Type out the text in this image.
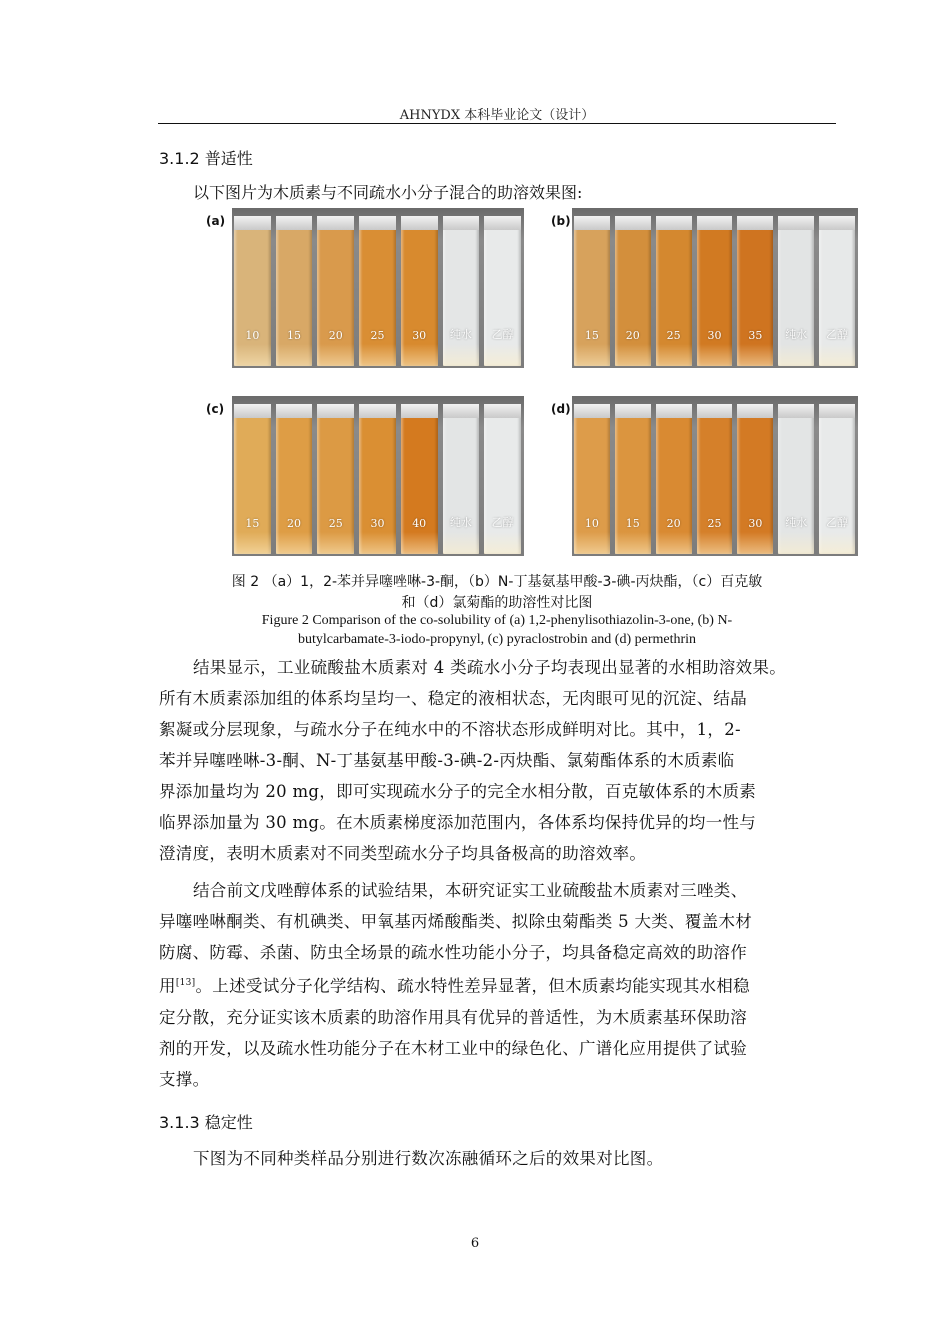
AHNYDX 本科毕业论文（设计）
3.1.2 普适性
以下图片为木质素与不同疏水小分子混合的助溶效果图:
(a)
10	15	20	25	30	纯水	乙醇
(b)
15	20	25	30	35	纯水	乙醇
(c)
15	20	25	30	40	纯水	乙醇
(d)
10	15	20	25	30	纯水	乙醇
图 2 （a）1，2-苯并异噻唑啉-3-酮，（b）N-丁基氨基甲酸-3-碘-丙炔酯，（c）百克敏
和（d）氯菊酯的助溶性对比图
Figure 2 Comparison of the co-solubility of (a) 1,2-phenylisothiazolin-3-one, (b) N-
butylcarbamate-3-iodo-propynyl, (c) pyraclostrobin and (d) permethrin
结果显示，工业硫酸盐木质素对 4 类疏水小分子均表现出显著的水相助溶效果。
所有木质素添加组的体系均呈均一、稳定的液相状态，无肉眼可见的沉淀、结晶
絮凝或分层现象，与疏水分子在纯水中的不溶状态形成鲜明对比。其中，1，2-
苯并异噻唑啉-3-酮、N-丁基氨基甲酸-3-碘-2-丙炔酯、氯菊酯体系的木质素临
界添加量均为 20 mg，即可实现疏水分子的完全水相分散，百克敏体系的木质素
临界添加量为 30 mg。在木质素梯度添加范围内，各体系均保持优异的均一性与
澄清度，表明木质素对不同类型疏水分子均具备极高的助溶效率。
结合前文戊唑醇体系的试验结果，本研究证实工业硫酸盐木质素对三唑类、
异噻唑啉酮类、有机碘类、甲氧基丙烯酸酯类、拟除虫菊酯类 5 大类、覆盖木材
防腐、防霉、杀菌、防虫全场景的疏水性功能小分子，均具备稳定高效的助溶作
用[13]。上述受试分子化学结构、疏水特性差异显著，但木质素均能实现其水相稳
定分散，充分证实该木质素的助溶作用具有优异的普适性，为木质素基环保助溶
剂的开发，以及疏水性功能分子在木材工业中的绿色化、广谱化应用提供了试验
支撑。
3.1.3 稳定性
下图为不同种类样品分别进行数次冻融循环之后的效果对比图。
6
